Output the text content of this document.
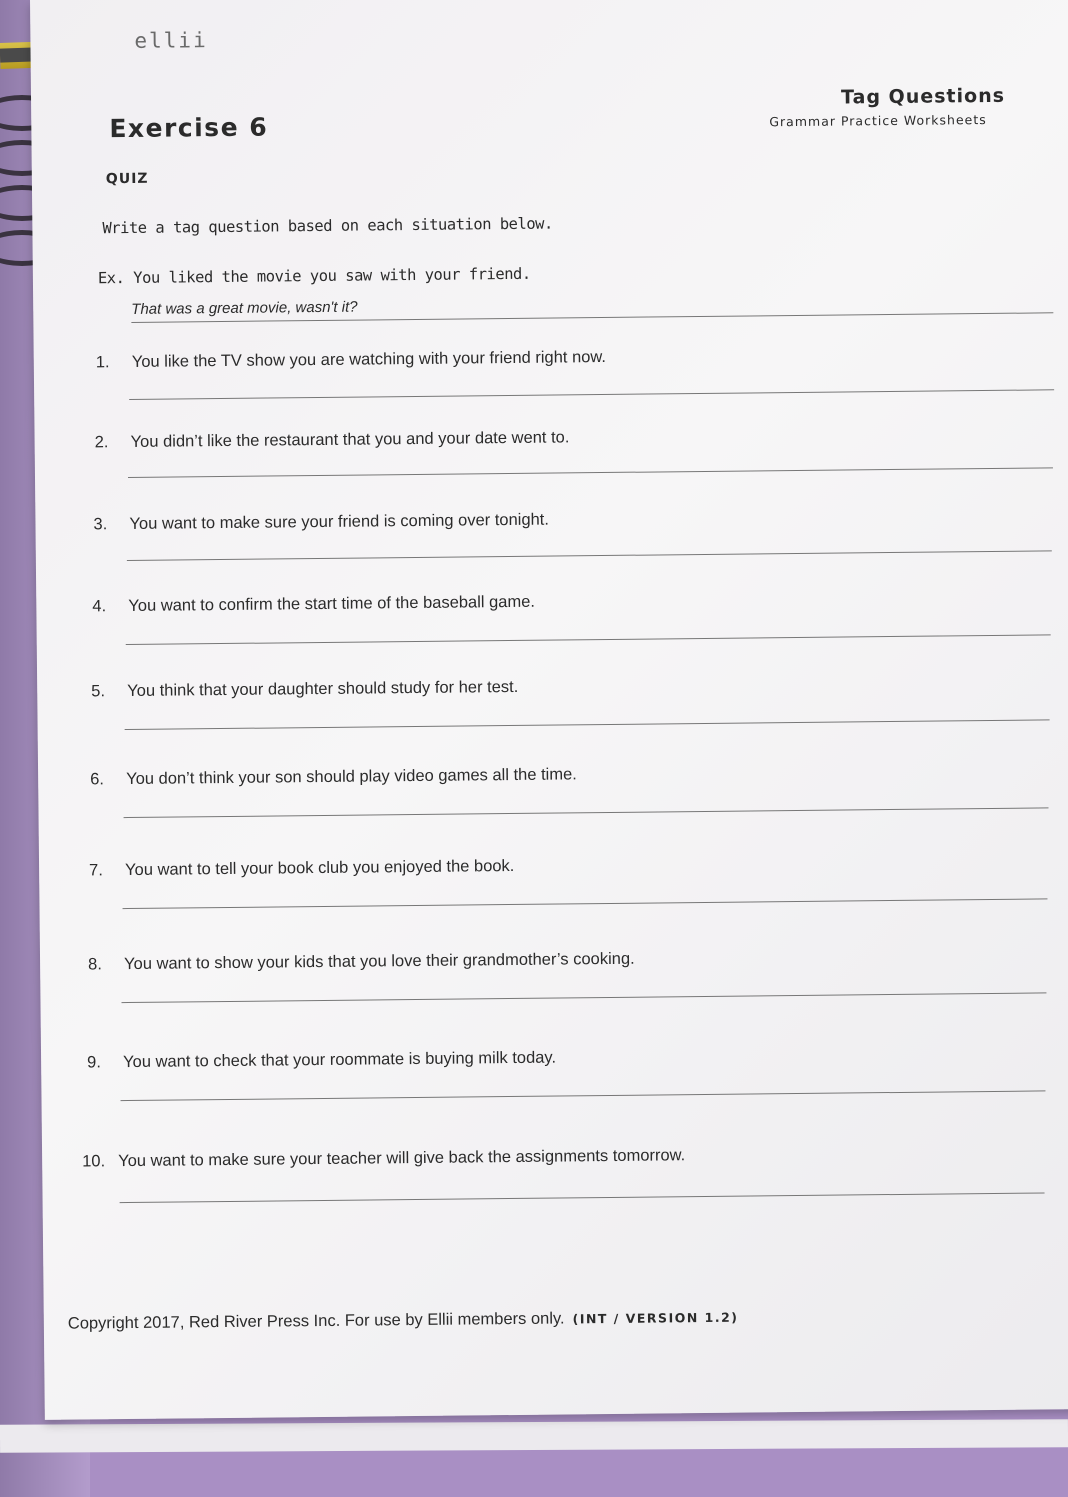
ellii
Tag Questions
Grammar Practice Worksheets
Exercise 6
QUIZ
Write a tag question based on each situation below.
Ex. You liked the movie you saw with your friend.
That was a great movie, wasn't it?
1. You like the TV show you are watching with your friend right now.
2. You didn’t like the restaurant that you and your date went to.
3. You want to make sure your friend is coming over tonight.
4. You want to confirm the start time of the baseball game.
5. You think that your daughter should study for her test.
6. You don’t think your son should play video games all the time.
7. You want to tell your book club you enjoyed the book.
8. You want to show your kids that you love their grandmother’s cooking.
9. You want to check that your roommate is buying milk today.
10. You want to make sure your teacher will give back the assignments tomorrow.
Copyright 2017, Red River Press Inc. For use by Ellii members only. (INT / VERSION 1.2)
